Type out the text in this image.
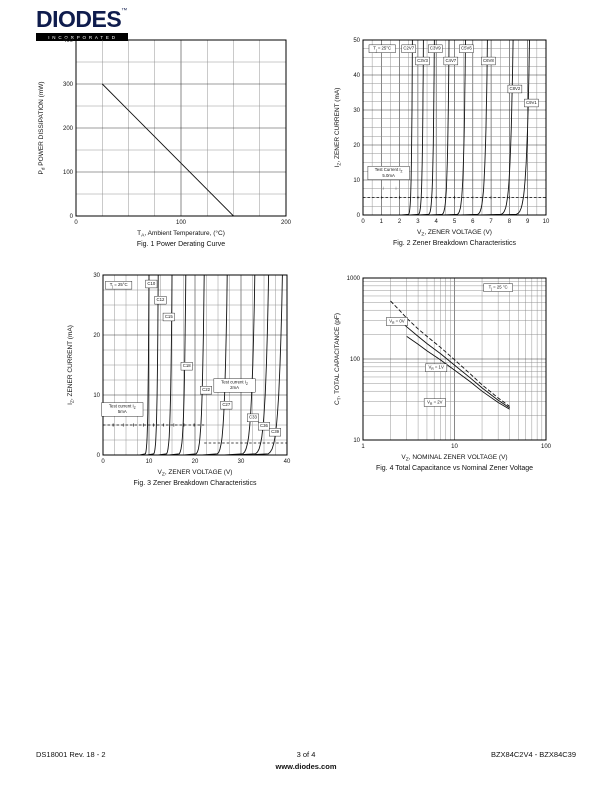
DIODES™
INCORPORATED
0	100	200
0
100
200
300
400
$T_A$, Ambient Temperature, (°C)
$P_d$ POWER DISSIPATION (mW)
Fig. 1 Power Derating Curve
C2V7
C3V3
C3V9
C4V7
C5V6
C6V8
C8V2
C9V1
$T_j = 25^\circ C$
Test Current $I_Z$
5.0mA
↓ ↓
0 1 2 3 4 5 6 7 8 9 10
0
10
20
30
40
50
$V_Z$, ZENER VOLTAGE (V)
$I_Z$, ZENER CURRENT (mA)
Fig. 2 Zener Breakdown Characteristics
C10
C12
C15
C18
C22
C27
C33
C36
C39
$T_j = 25^\circ C$
Test current $I_Z$
5mA
Test current $I_Z$
2mA
0	10	20	30	40
0
10
20
30
$V_Z$, ZENER VOLTAGE (V)
$I_Z$, ZENER CURRENT (mA)
Fig. 3 Zener Breakdown Characteristics
$V_R = 0V$
$V_R = 1V$
$V_R = 2V$
$T_j = 25$ °C
1	10	100
10
100
1000
$V_Z$, NOMINAL ZENER VOLTAGE (V)
$C_T$, TOTAL CAPACITANCE (pF)
Fig. 4 Total Capacitance vs Nominal Zener Voltage
DS18001 Rev. 18 - 2	3 of 4
www.diodes.com
BZX84C2V4 - BZX84C39
